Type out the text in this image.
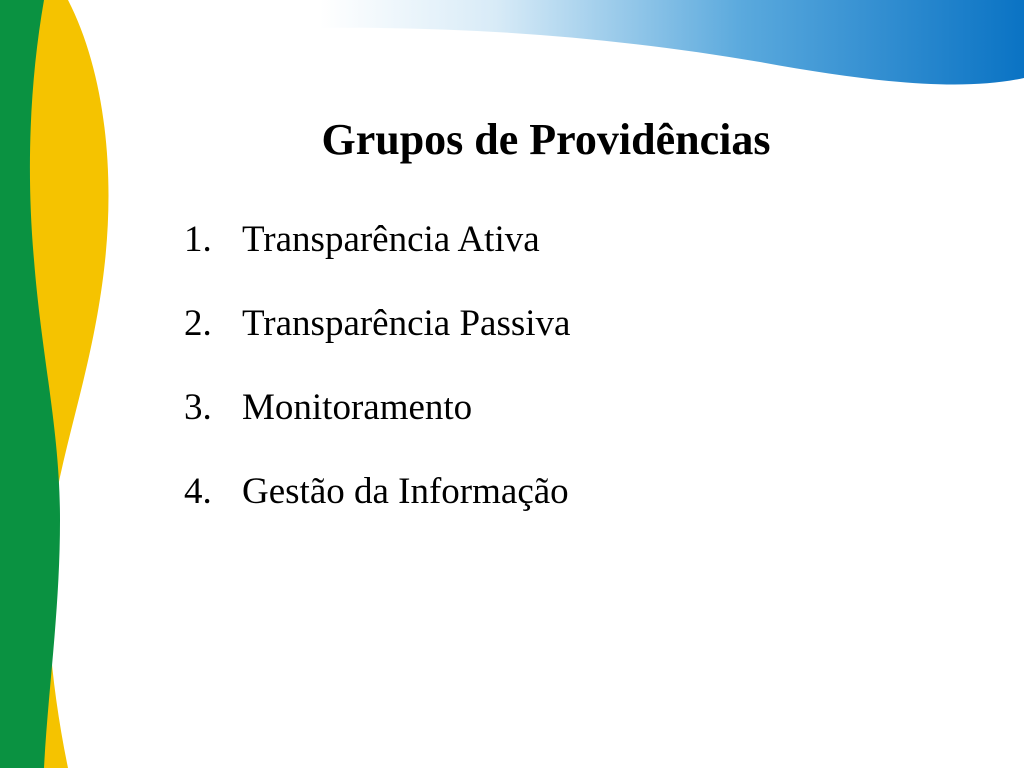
Grupos de Providências
1. Transparência Ativa
2. Transparência Passiva
3. Monitoramento
4. Gestão da Informação
